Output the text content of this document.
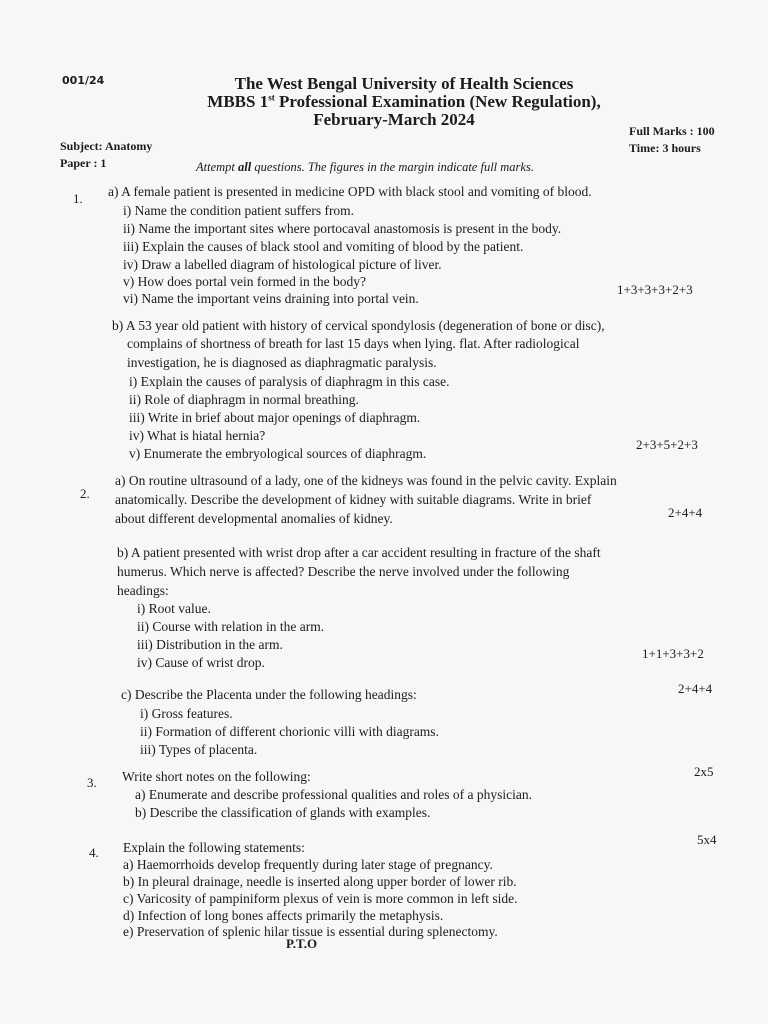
001/24	The West Bengal University of Health Sciences
MBBS 1st Professional Examination (New Regulation),
February-March 2024
Subject: Anatomy
Paper : 1
Full Marks : 100
Time: 3 hours
Attempt all questions. The figures in the margin indicate full marks.
1. a) A female patient is presented in medicine OPD with black stool and vomiting of blood.
i) Name the condition patient suffers from.
ii) Name the important sites where portocaval anastomosis is present in the body.
iii) Explain the causes of black stool and vomiting of blood by the patient.
iv) Draw a labelled diagram of histological picture of liver.
v) How does portal vein formed in the body?
vi) Name the important veins draining into portal vein.
1+3+3+3+2+3
b) A 53 year old patient with history of cervical spondylosis (degeneration of bone or disc),
complains of shortness of breath for last 15 days when lying. flat. After radiological
investigation, he is diagnosed as diaphragmatic paralysis.
i) Explain the causes of paralysis of diaphragm in this case.
ii) Role of diaphragm in normal breathing.
iii) Write in brief about major openings of diaphragm.
iv) What is hiatal hernia?
v) Enumerate the embryological sources of diaphragm.
2+3+5+2+3
2.
a) On routine ultrasound of a lady, one of the kidneys was found in the pelvic cavity. Explain
anatomically. Describe the development of kidney with suitable diagrams. Write in brief
about different developmental anomalies of kidney.	2+4+4
b) A patient presented with wrist drop after a car accident resulting in fracture of the shaft
humerus. Which nerve is affected? Describe the nerve involved under the following
headings:
i) Root value.
ii) Course with relation in the arm.
iii) Distribution in the arm.
iv) Cause of wrist drop.
1+1+3+3+2
c) Describe the Placenta under the following headings:	2+4+4
i) Gross features.
ii) Formation of different chorionic villi with diagrams.
iii) Types of placenta.
3. Write short notes on the following:	2x5
a) Enumerate and describe professional qualities and roles of a physician.
b) Describe the classification of glands with examples.
4. Explain the following statements:
5x4
a) Haemorrhoids develop frequently during later stage of pregnancy.
b) In pleural drainage, needle is inserted along upper border of lower rib.
c) Varicosity of pampiniform plexus of vein is more common in left side.
d) Infection of long bones affects primarily the metaphysis.
e) Preservation of splenic hilar tissue is essential during splenectomy.
P.T.O
